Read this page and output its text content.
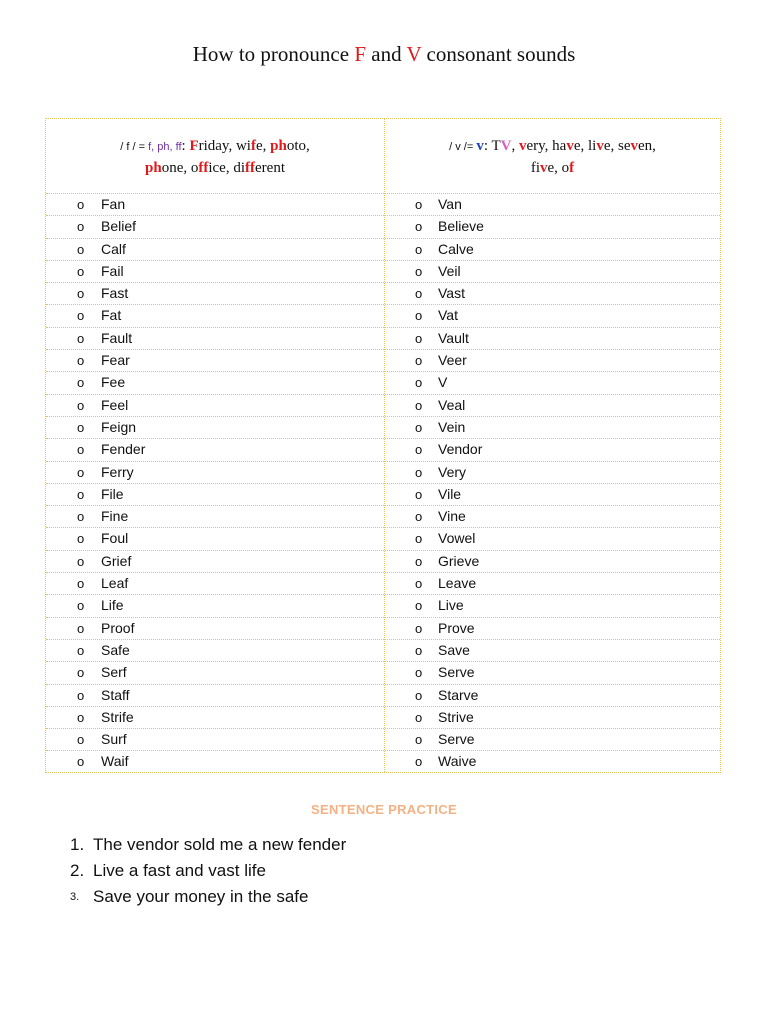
How to pronounce F and V consonant sounds
/ f / = f, ph, ff: Friday, wife, photo,
phone, office, different
o Fan
o Belief
o Calf
o Fail
o Fast
o Fat
o Fault
o Fear
o Fee
o Feel
o Feign
o Fender
o Ferry
o File
o Fine
o Foul
o Grief
o Leaf
o Life
o Proof
o Safe
o Serf
o Staff
o Strife
o Surf
o Waif
/ v /= v: TV, very, have, live, seven,
five, of
o Van
o Believe
o Calve
o Veil
o Vast
o Vat
o Vault
o Veer
o V
o Veal
o Vein
o Vendor
o Very
o Vile
o Vine
o Vowel
o Grieve
o Leave
o Live
o Prove
o Save
o Serve
o Starve
o Strive
o Serve
o Waive
SENTENCE PRACTICE
1. The vendor sold me a new fender
2. Live a fast and vast life
3. Save your money in the safe
